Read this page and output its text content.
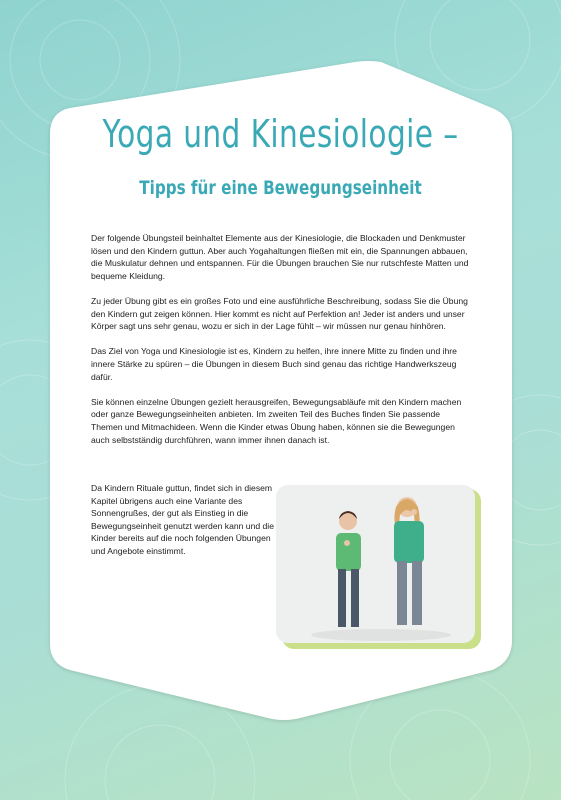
Yoga und Kinesiologie –
Tipps für eine Bewegungseinheit

Der folgende Übungsteil beinhaltet Elemente aus der Kinesiologie, die Blockaden und Denkmuster lösen und den Kindern guttun. Aber auch Yogahaltungen fließen mit ein, die Spannungen abbauen, die Muskulatur dehnen und entspannen. Für die Übungen brauchen Sie nur rutschfeste Matten und bequeme Kleidung.

Zu jeder Übung gibt es ein großes Foto und eine ausführliche Beschreibung, sodass Sie die Übung den Kindern gut zeigen können. Hier kommt es nicht auf Perfektion an! Jeder ist anders und unser Körper sagt uns sehr genau, wozu er sich in der Lage fühlt – wir müssen nur genau hinhören.

Das Ziel von Yoga und Kinesiologie ist es, Kindern zu helfen, ihre innere Mitte zu finden und ihre innere Stärke zu spüren – die Übungen in diesem Buch sind genau das richtige Handwerkszeug dafür.

Sie können einzelne Übungen gezielt herausgreifen, Bewegungsabläufe mit den Kindern machen oder ganze Bewegungseinheiten anbieten. Im zweiten Teil des Buches finden Sie passende Themen und Mitmachideen. Wenn die Kinder etwas Übung haben, können sie die Bewegungen auch selbstständig durchführen, wann immer ihnen danach ist.

Da Kindern Rituale guttun, findet sich in diesem Kapitel übrigens auch eine Variante des Sonnengrußes, der gut als Einstieg in die Bewegungseinheit genutzt werden kann und die Kinder bereits auf die noch folgenden Übungen und Angebote einstimmt.
